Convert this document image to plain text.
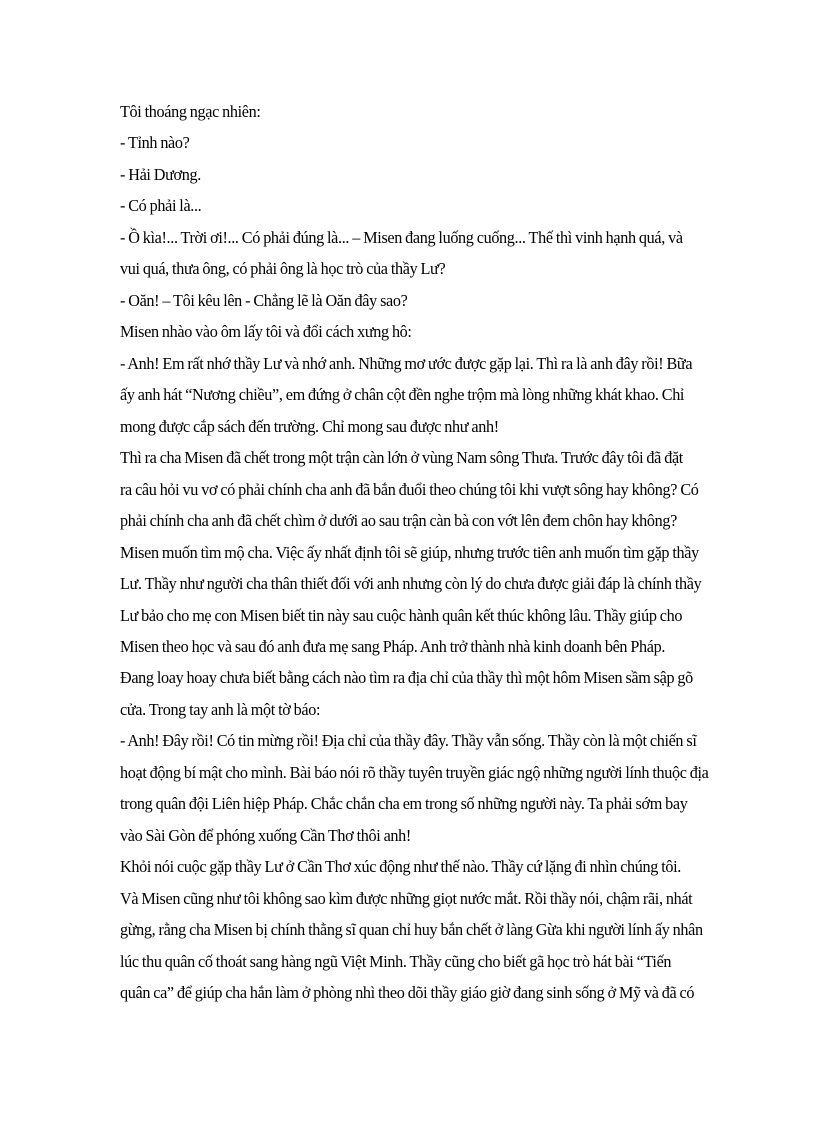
Tôi thoáng ngạc nhiên:
- Tỉnh nào?
- Hải Dương.
- Có phải là...
- Ồ kìa!... Trời ơi!... Có phải đúng là... – Misen đang luống cuống... Thế thì vinh hạnh quá, và
vui quá, thưa ông, có phải ông là học trò của thầy Lư?
- Oăn! – Tôi kêu lên - Chẳng lẽ là Oăn đây sao?
Misen nhào vào ôm lấy tôi và đổi cách xưng hô:
- Anh! Em rất nhớ thầy Lư và nhớ anh. Những mơ ước được gặp lại. Thì ra là anh đây rồi! Bữa
ấy anh hát “Nương chiều”, em đứng ở chân cột đền nghe trộm mà lòng những khát khao. Chỉ
mong được cắp sách đến trường. Chỉ mong sau được như anh!
Thì ra cha Misen đã chết trong một trận càn lớn ở vùng Nam sông Thưa. Trước đây tôi đã đặt
ra câu hỏi vu vơ có phải chính cha anh đã bắn đuổi theo chúng tôi khi vượt sông hay không? Có
phải chính cha anh đã chết chìm ở dưới ao sau trận càn bà con vớt lên đem chôn hay không?
Misen muốn tìm mộ cha. Việc ấy nhất định tôi sẽ giúp, nhưng trước tiên anh muốn tìm gặp thầy
Lư. Thầy như người cha thân thiết đối với anh nhưng còn lý do chưa được giải đáp là chính thầy
Lư bảo cho mẹ con Misen biết tin này sau cuộc hành quân kết thúc không lâu. Thầy giúp cho
Misen theo học và sau đó anh đưa mẹ sang Pháp. Anh trở thành nhà kinh doanh bên Pháp.
Đang loay hoay chưa biết bằng cách nào tìm ra địa chỉ của thầy thì một hôm Misen sầm sập gõ
cửa. Trong tay anh là một tờ báo:
- Anh! Đây rồi! Có tin mừng rồi! Địa chỉ của thầy đây. Thầy vẫn sống. Thầy còn là một chiến sĩ
hoạt động bí mật cho mình. Bài báo nói rõ thầy tuyên truyền giác ngộ những người lính thuộc địa
trong quân đội Liên hiệp Pháp. Chắc chắn cha em trong số những người này. Ta phải sớm bay
vào Sài Gòn để phóng xuống Cần Thơ thôi anh!
Khỏi nói cuộc gặp thầy Lư ở Cần Thơ xúc động như thế nào. Thầy cứ lặng đi nhìn chúng tôi.
Và Misen cũng như tôi không sao kìm được những giọt nước mắt. Rồi thầy nói, chậm rãi, nhát
gừng, rằng cha Misen bị chính thằng sĩ quan chỉ huy bắn chết ở làng Gừa khi người lính ấy nhân
lúc thu quân cố thoát sang hàng ngũ Việt Minh. Thầy cũng cho biết gã học trò hát bài “Tiến
quân ca” để giúp cha hắn làm ở phòng nhì theo dõi thầy giáo giờ đang sinh sống ở Mỹ và đã có
